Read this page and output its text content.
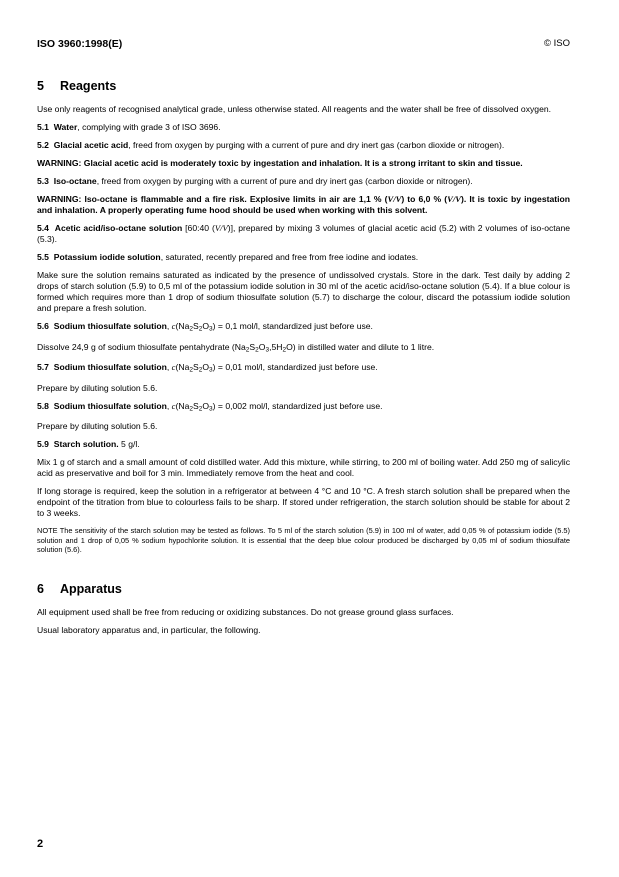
ISO 3960:1998(E)	© ISO
5 Reagents

Use only reagents of recognised analytical grade, unless otherwise stated. All reagents and the water shall be free of dissolved oxygen.

5.1 Water, complying with grade 3 of ISO 3696.

5.2 Glacial acetic acid, freed from oxygen by purging with a current of pure and dry inert gas (carbon dioxide or nitrogen).

WARNING: Glacial acetic acid is moderately toxic by ingestation and inhalation. It is a strong irritant to skin and tissue.

5.3 Iso-octane, freed from oxygen by purging with a current of pure and dry inert gas (carbon dioxide or nitrogen).

WARNING: Iso-octane is flammable and a fire risk. Explosive limits in air are 1,1 % (V/V) to 6,0 % (V/V). It is toxic by ingestation and inhalation. A properly operating fume hood should be used when working with this solvent.

5.4 Acetic acid/iso-octane solution [60:40 (V/V)], prepared by mixing 3 volumes of glacial acetic acid (5.2) with 2 volumes of iso-octane (5.3).

5.5 Potassium iodide solution, saturated, recently prepared and free from free iodine and iodates.

Make sure the solution remains saturated as indicated by the presence of undissolved crystals. Store in the dark. Test daily by adding 2 drops of starch solution (5.9) to 0,5 ml of the potassium iodide solution in 30 ml of the acetic acid/iso-octane solution (5.4). If a blue colour is formed which requires more than 1 drop of sodium thiosulfate solution (5.7) to discharge the colour, discard the potassium iodide solution and prepare a fresh solution.

5.6 Sodium thiosulfate solution, $c(Na_2S_2O_3) = 0,1$ mol/l, standardized just before use.

Dissolve 24,9 g of sodium thiosulfate pentahydrate $(Na_2S_2O_3,5H_2O)$ in distilled water and dilute to 1 litre.

5.7 Sodium thiosulfate solution, $c(Na_2S_2O_3) = 0,01$ mol/l, standardized just before use.

Prepare by diluting solution 5.6.

5.8 Sodium thiosulfate solution, $c(Na_2S_2O_3) = 0,002$ mol/l, standardized just before use.

Prepare by diluting solution 5.6.

5.9 Starch solution. 5 g/l.

Mix 1 g of starch and a small amount of cold distilled water. Add this mixture, while stirring, to 200 ml of boiling water. Add 250 mg of salicylic acid as preservative and boil for 3 min. Immediately remove from the heat and cool.

If long storage is required, keep the solution in a refrigerator at between 4 °C and 10 °C. A fresh starch solution shall be prepared when the endpoint of the titration from blue to colourless fails to be sharp. If stored under refrigeration, the starch solution should be stable for about 2 to 3 weeks.

NOTE The sensitivity of the starch solution may be tested as follows. To 5 ml of the starch solution (5.9) in 100 ml of water, add 0,05 % of potassium iodide (5.5) solution and 1 drop of 0,05 % sodium hypochlorite solution. It is essential that the deep blue colour produced be discharged by 0,05 ml of sodium thiosulfate solution (5.6).

6 Apparatus

All equipment used shall be free from reducing or oxidizing substances. Do not grease ground glass surfaces.

Usual laboratory apparatus and, in particular, the following.

2
